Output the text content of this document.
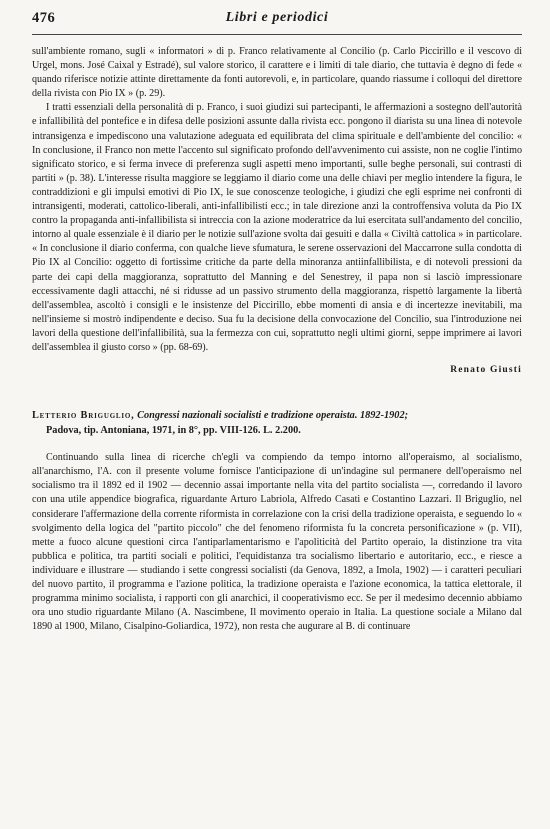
476	Libri e periodici

sull'ambiente romano, sugli « informatori » di p. Franco relativamente al Concilio (p. Carlo Piccirillo e il vescovo di Urgel, mons. José Caixal y Estradé), sul valore storico, il carattere e i limiti di tale diario, che tuttavia è degno di fede « quando riferisce notizie attinte direttamente da fonti autorevoli, e, in particolare, quando riassume i colloqui del direttore della rivista con Pio IX » (p. 29).

I tratti essenziali della personalità di p. Franco, i suoi giudizi sui partecipanti, le affermazioni a sostegno dell'autorità e infallibilità del pontefice e in difesa delle posizioni assunte dalla rivista ecc. pongono il diarista su una linea di notevole intransigenza e impediscono una valutazione adeguata ed equilibrata del clima spirituale e dell'ambiente del concilio: « In conclusione, il Franco non mette l'accento sul significato profondo dell'avvenimento cui assiste, non ne coglie l'intimo significato storico, e si ferma invece di preferenza sugli aspetti meno importanti, sulle beghe personali, sui contrasti di partiti » (p. 38). L'interesse risulta maggiore se leggiamo il diario come una delle chiavi per meglio intendere la figura, le contraddizioni e gli impulsi emotivi di Pio IX, le sue conoscenze teologiche, i giudizi che egli esprime nei confronti di intransigenti, moderati, cattolico-liberali, anti-infallibilisti ecc.; in tale direzione anzi la controffensiva voluta da Pio IX contro la propaganda anti-infallibilista si intreccia con la azione moderatrice da lui esercitata sull'andamento del concilio, intorno al quale essenziale è il diario per le notizie sull'azione svolta dai gesuiti e dalla « Civiltà cattolica » in particolare. « In conclusione il diario conferma, con qualche lieve sfumatura, le serene osservazioni del Maccarrone sulla condotta di Pio IX al Concilio: oggetto di fortissime critiche da parte della minoranza antiinfallibilista, e di notevoli pressioni da parte dei capi della maggioranza, soprattutto del Manning e del Senestrey, il papa non si lasciò impressionare eccessivamente dagli attacchi, né si ridusse ad un passivo strumento della maggioranza, rispettò largamente la libertà dell'assemblea, ascoltò i consigli e le insistenze del Piccirillo, ebbe momenti di ansia e di incertezze inevitabili, ma nell'insieme si mostrò indipendente e deciso. Sua fu la decisione della convocazione del Concilio, sua l'introduzione nei lavori della questione dell'infallibilità, sua la fermezza con cui, soprattutto negli ultimi giorni, seppe imprimere ai lavori dell'assemblea il giusto corso » (pp. 68-69).

Renato Giusti
Letterio Briguglio, Congressi nazionali socialisti e tradizione operaista. 1892-1902;
Padova, tip. Antoniana, 1971, in 8°, pp. VIII-126. L. 2.200.

Continuando sulla linea di ricerche ch'egli va compiendo da tempo intorno all'operaismo, al socialismo, all'anarchismo, l'A. con il presente volume fornisce l'anticipazione di un'indagine sul permanere dell'operaismo nel socialismo tra il 1892 ed il 1902 — decennio assai importante nella vita del partito socialista —, corredando il lavoro con una utile appendice biografica, riguardante Arturo Labriola, Alfredo Casati e Costantino Lazzari. Il Briguglio, nel considerare l'affermazione della corrente riformista in correlazione con la crisi della tradizione operaista, e seguendo lo « svolgimento della logica del "partito piccolo" che del fenomeno riformista fu la concreta personificazione » (p. VII), mette a fuoco alcune questioni circa l'antiparlamentarismo e l'apoliticità del Partito operaio, la distinzione tra vita pubblica e politica, tra partiti sociali e politici, l'equidistanza tra socialismo libertario e autoritario, ecc., e riesce a individuare e illustrare — studiando i sette congressi socialisti (da Genova, 1892, a Imola, 1902) — i caratteri peculiari del nuovo partito, il programma e l'azione politica, la tradizione operaista e l'azione economica, la tattica elettorale, il programma minimo socialista, i rapporti con gli anarchici, il cooperativismo ecc. Se per il medesimo decennio abbiamo ora uno studio riguardante Milano (A. Nascimbene, Il movimento operaio in Italia. La questione sociale a Milano dal 1890 al 1900, Milano, Cisalpino-Goliardica, 1972), non resta che augurare al B. di continuare
